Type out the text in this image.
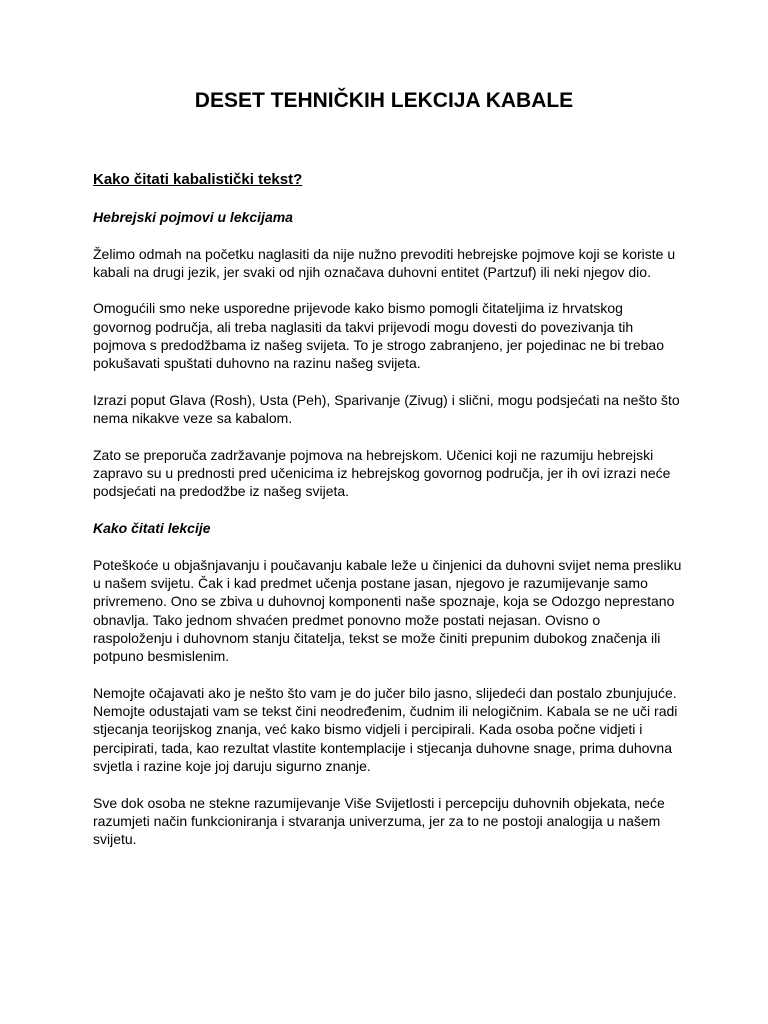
DESET TEHNIČKIH LEKCIJA KABALE
Kako čitati kabalistički tekst?
Hebrejski pojmovi u lekcijama

Želimo odmah na početku naglasiti da nije nužno prevoditi hebrejske pojmove koji se koriste u kabali na drugi jezik, jer svaki od njih označava duhovni entitet (Partzuf) ili neki njegov dio.

Omogućili smo neke usporedne prijevode kako bismo pomogli čitateljima iz hrvatskog govornog područja, ali treba naglasiti da takvi prijevodi mogu dovesti do povezivanja tih pojmova s predodžbama iz našeg svijeta. To je strogo zabranjeno, jer pojedinac ne bi trebao pokušavati spuštati duhovno na razinu našeg svijeta.

Izrazi poput Glava (Rosh), Usta (Peh), Sparivanje (Zivug) i slični, mogu podsjećati na nešto što nema nikakve veze sa kabalom.

Zato se preporuča zadržavanje pojmova na hebrejskom. Učenici koji ne razumiju hebrejski zapravo su u prednosti pred učenicima iz hebrejskog govornog područja, jer ih ovi izrazi neće podsjećati na predodžbe iz našeg svijeta.

Kako čitati lekcije

Poteškoće u objašnjavanju i poučavanju kabale leže u činjenici da duhovni svijet nema presliku u našem svijetu. Čak i kad predmet učenja postane jasan, njegovo je razumijevanje samo privremeno. Ono se zbiva u duhovnoj komponenti naše spoznaje, koja se Odozgo neprestano obnavlja. Tako jednom shvaćen predmet ponovno može postati nejasan. Ovisno o raspoloženju i duhovnom stanju čitatelja, tekst se može činiti prepunim dubokog značenja ili potpuno besmislenim.

Nemojte očajavati ako je nešto što vam je do jučer bilo jasno, slijedeći dan postalo zbunjujuće. Nemojte odustajati vam se tekst čini neodređenim, čudnim ili nelogičnim. Kabala se ne uči radi stjecanja teorijskog znanja, već kako bismo vidjeli i percipirali. Kada osoba počne vidjeti i percipirati, tada, kao rezultat vlastite kontemplacije i stjecanja duhovne snage, prima duhovna svjetla i razine koje joj daruju sigurno znanje.

Sve dok osoba ne stekne razumijevanje Više Svijetlosti i percepciju duhovnih objekata, neće razumjeti način funkcioniranja i stvaranja univerzuma, jer za to ne postoji analogija u našem svijetu.
